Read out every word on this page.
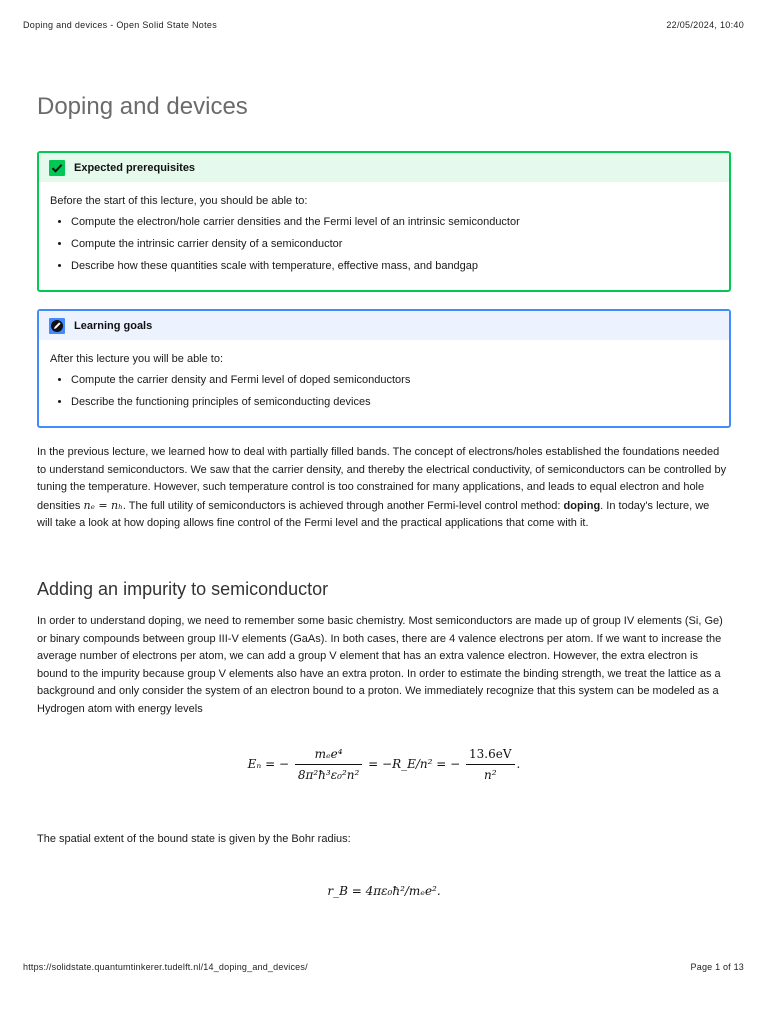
Doping and devices - Open Solid State Notes	22/05/2024, 10:40
Doping and devices
Expected prerequisites

Before the start of this lecture, you should be able to:

• Compute the electron/hole carrier densities and the Fermi level of an intrinsic semiconductor
• Compute the intrinsic carrier density of a semiconductor
• Describe how these quantities scale with temperature, effective mass, and bandgap
Learning goals

After this lecture you will be able to:

• Compute the carrier density and Fermi level of doped semiconductors
• Describe the functioning principles of semiconducting devices
In the previous lecture, we learned how to deal with partially filled bands. The concept of electrons/holes established the foundations needed to understand semiconductors. We saw that the carrier density, and thereby the electrical conductivity, of semiconductors can be controlled by tuning the temperature. However, such temperature control is too constrained for many applications, and leads to equal electron and hole densities nₑ = nₕ. The full utility of semiconductors is achieved through another Fermi-level control method: doping. In today's lecture, we will take a look at how doping allows fine control of the Fermi level and the practical applications that come with it.
Adding an impurity to semiconductor
In order to understand doping, we need to remember some basic chemistry. Most semiconductors are made up of group IV elements (Si, Ge) or binary compounds between group III-V elements (GaAs). In both cases, there are 4 valence electrons per atom. If we want to increase the average number of electrons per atom, we can add a group V element that has an extra valence electron. However, the extra electron is bound to the impurity because group V elements also have an extra proton. In order to estimate the binding strength, we treat the lattice as a background and only consider the system of an electron bound to a proton. We immediately recognize that this system can be modeled as a Hydrogen atom with energy levels
Eₙ = − $\frac{\text{mₑe⁴}}{\text{8π²ħ³ε₀²n²}}$ = −R_E/n² = − $\frac{13.6eV}{\text{n²}}$ .
The spatial extent of the bound state is given by the Bohr radius:
r_B = 4πε₀ħ²/mₑe².
https://solidstate.quantumtinkerer.tudelft.nl/14_doping_and_devices/	Page 1 of 13
